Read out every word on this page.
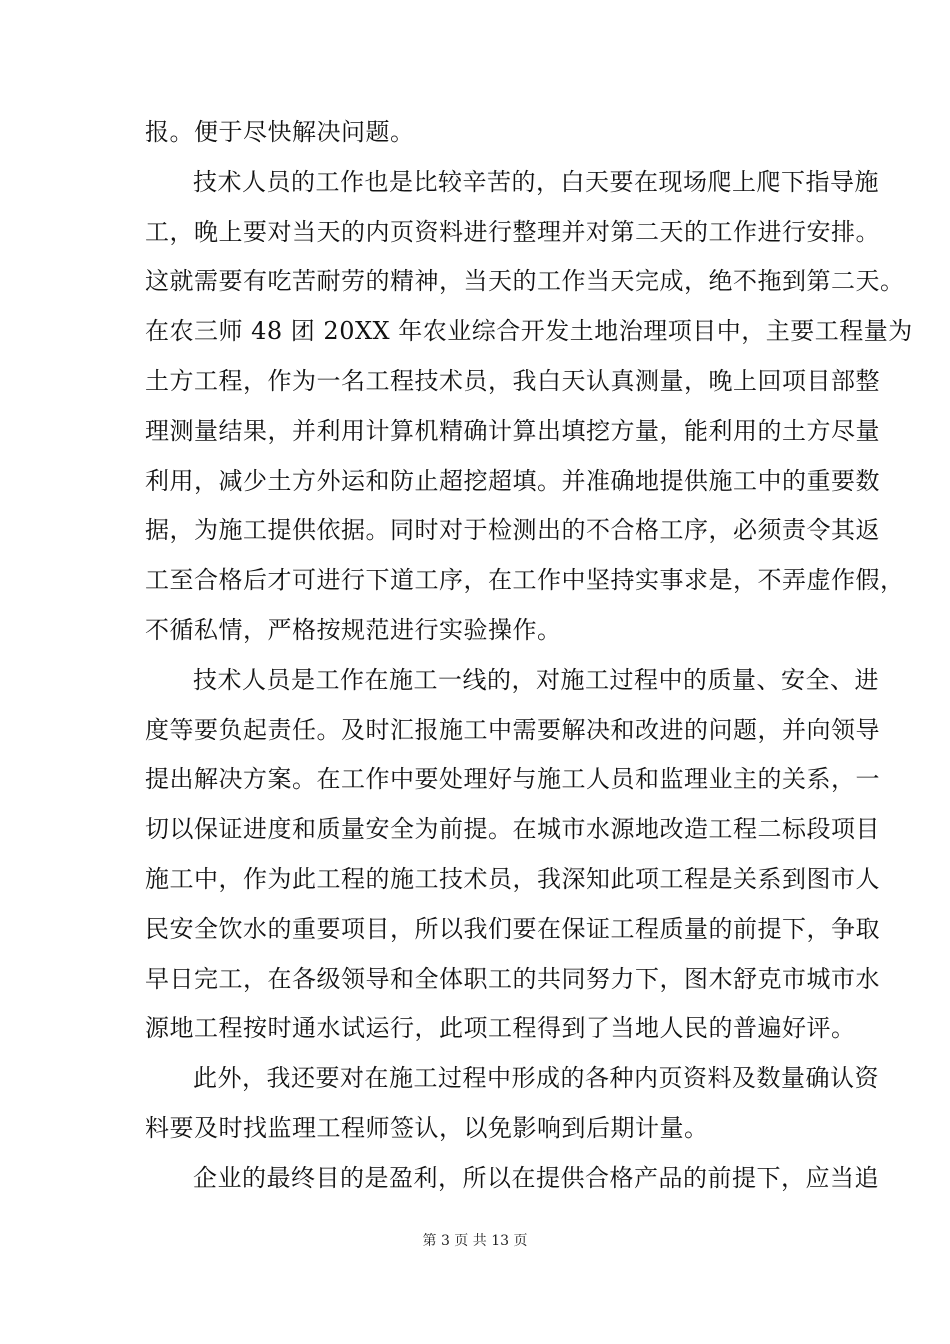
报。便于尽快解决问题。
技术人员的工作也是比较辛苦的，白天要在现场爬上爬下指导施
工，晚上要对当天的内页资料进行整理并对第二天的工作进行安排。
这就需要有吃苦耐劳的精神，当天的工作当天完成，绝不拖到第二天。
在农三师 48 团 20XX 年农业综合开发土地治理项目中，主要工程量为
土方工程，作为一名工程技术员，我白天认真测量，晚上回项目部整
理测量结果，并利用计算机精确计算出填挖方量，能利用的土方尽量
利用，减少土方外运和防止超挖超填。并准确地提供施工中的重要数
据，为施工提供依据。同时对于检测出的不合格工序，必须责令其返
工至合格后才可进行下道工序，在工作中坚持实事求是，不弄虚作假，
不循私情，严格按规范进行实验操作。
技术人员是工作在施工一线的，对施工过程中的质量、安全、进
度等要负起责任。及时汇报施工中需要解决和改进的问题，并向领导
提出解决方案。在工作中要处理好与施工人员和监理业主的关系，一
切以保证进度和质量安全为前提。在城市水源地改造工程二标段项目
施工中，作为此工程的施工技术员，我深知此项工程是关系到图市人
民安全饮水的重要项目，所以我们要在保证工程质量的前提下，争取
早日完工，在各级领导和全体职工的共同努力下，图木舒克市城市水
源地工程按时通水试运行，此项工程得到了当地人民的普遍好评。
此外，我还要对在施工过程中形成的各种内页资料及数量确认资
料要及时找监理工程师签认，以免影响到后期计量。
企业的最终目的是盈利，所以在提供合格产品的前提下，应当追
第 3 页 共 13 页
